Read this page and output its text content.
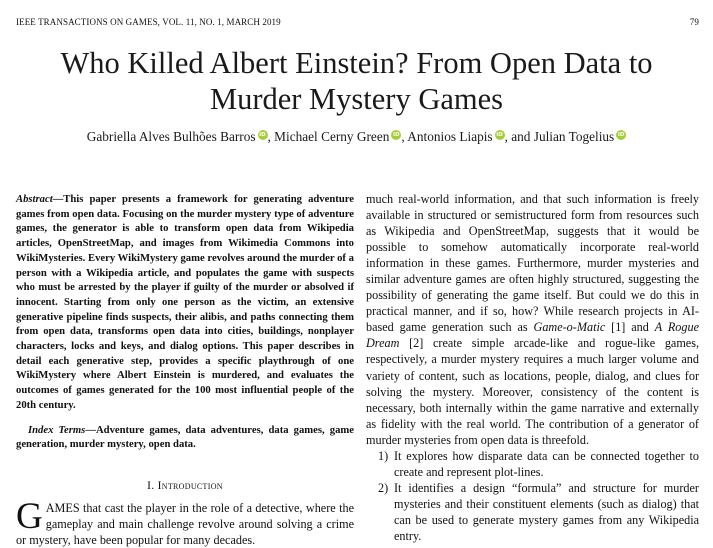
IEEE TRANSACTIONS ON GAMES, VOL. 11, NO. 1, MARCH 2019	79
Who Killed Albert Einstein? From Open Data to
Murder Mystery Games
Gabriella Alves Bulhões Barros iD , Michael Cerny Green iD , Antonios Liapis iD , and Julian Togelius iD

Abstract—This paper presents a framework for generating adventure games from open data. Focusing on the murder mystery type of adventure games, the generator is able to transform open data from Wikipedia articles, OpenStreetMap, and images from Wikimedia Commons into WikiMysteries. Every WikiMystery game revolves around the murder of a person with a Wikipedia article, and populates the game with suspects who must be arrested by the player if guilty of the murder or absolved if innocent. Starting from only one person as the victim, an extensive generative pipeline finds suspects, their alibis, and paths connecting them from open data, transforms open data into cities, buildings, nonplayer characters, locks and keys, and dialog options. This paper describes in detail each generative step, provides a specific playthrough of one WikiMystery where Albert Einstein is murdered, and evaluates the outcomes of games generated for the 100 most influential people of the 20th century.

Index Terms—Adventure games, data adventures, data games, game generation, murder mystery, open data.

I. Introduction

GAMES that cast the player in the role of a detective, where the gameplay and main challenge revolve around solving a crime or mystery, have been popular for many decades.

much real-world information, and that such information is freely available in structured or semistructured form from resources such as Wikipedia and OpenStreetMap, suggests that it would be possible to somehow automatically incorporate real-world information in these games. Furthermore, murder mysteries and similar adventure games are often highly structured, suggesting the possibility of generating the game itself. But could we do this in practical manner, and if so, how? While research projects in AI-based game generation such as Game-o-Matic [1] and A Rogue Dream [2] create simple arcade-like and rogue-like games, respectively, a murder mystery requires a much larger volume and variety of content, such as locations, people, dialog, and clues for solving the mystery. Moreover, consistency of the content is necessary, both internally within the game narrative and externally as fidelity with the real world. The contribution of a generator of murder mysteries from open data is threefold.

1) It explores how disparate data can be connected together to create and represent plot-lines.
2) It identifies a design “formula” and structure for murder mysteries and their constituent elements (such as dialog) that can be used to generate mystery games from any Wikipedia entry.
